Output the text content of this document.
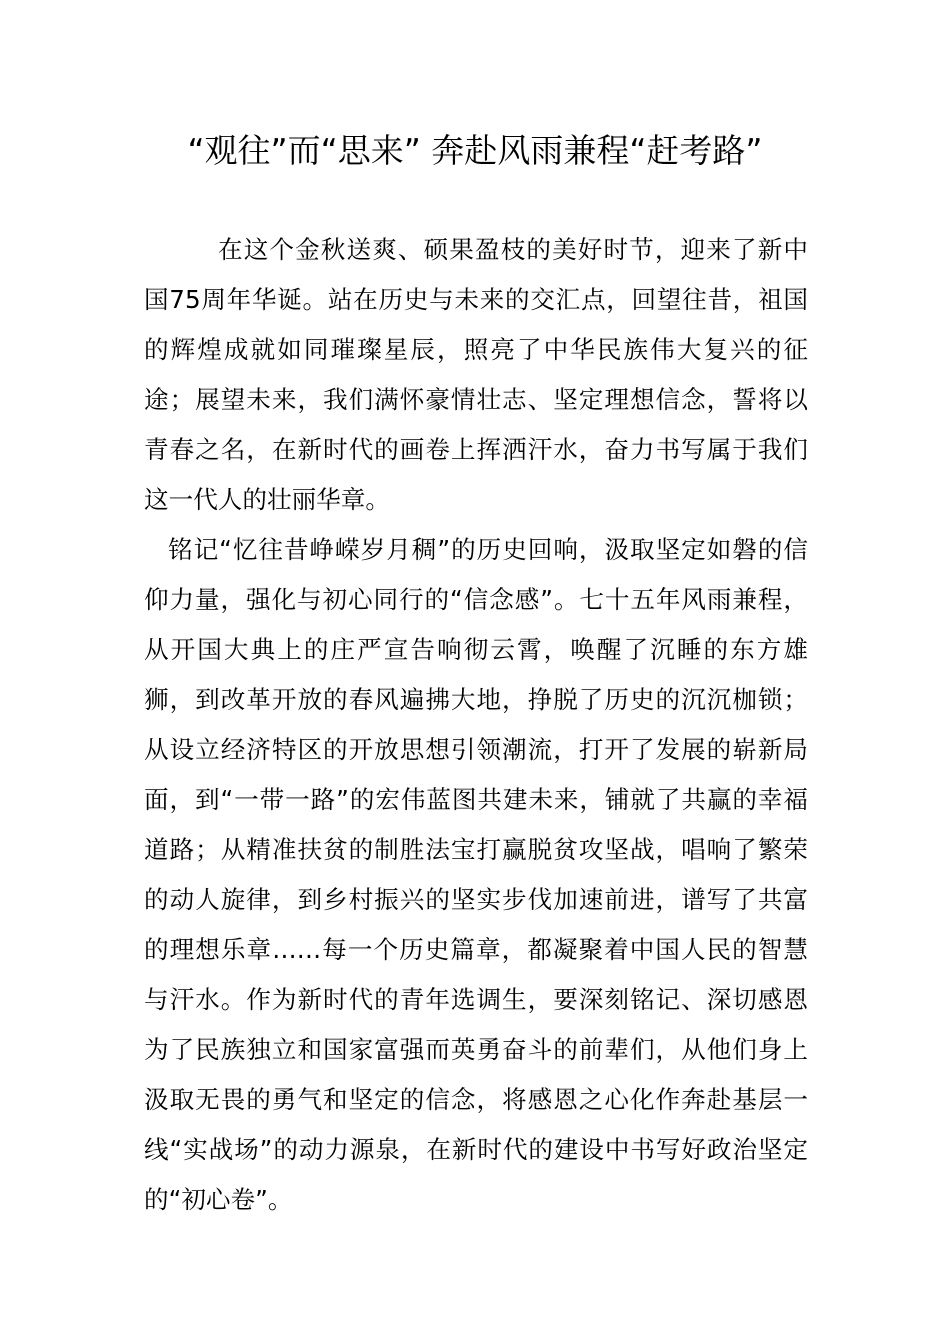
“观往”而“思来” 奔赴风雨兼程“赶考路”

在这个金秋送爽、硕果盈枝的美好时节，迎来了新中国75周年华诞。站在历史与未来的交汇点，回望往昔，祖国的辉煌成就如同璀璨星辰，照亮了中华民族伟大复兴的征途；展望未来，我们满怀豪情壮志、坚定理想信念，誓将以青春之名，在新时代的画卷上挥洒汗水，奋力书写属于我们这一代人的壮丽华章。

铭记“忆往昔峥嵘岁月稠”的历史回响，汲取坚定如磐的信仰力量，强化与初心同行的“信念感”。七十五年风雨兼程，从开国大典上的庄严宣告响彻云霄，唤醒了沉睡的东方雄狮，到改革开放的春风遍拂大地，挣脱了历史的沉沉枷锁；从设立经济特区的开放思想引领潮流，打开了发展的崭新局面，到“一带一路”的宏伟蓝图共建未来，铺就了共赢的幸福道路；从精准扶贫的制胜法宝打赢脱贫攻坚战，唱响了繁荣的动人旋律，到乡村振兴的坚实步伐加速前进，谱写了共富的理想乐章……每一个历史篇章，都凝聚着中国人民的智慧与汗水。作为新时代的青年选调生，要深刻铭记、深切感恩为了民族独立和国家富强而英勇奋斗的前辈们，从他们身上汲取无畏的勇气和坚定的信念，将感恩之心化作奔赴基层一线“实战场”的动力源泉，在新时代的建设中书写好政治坚定的“初心卷”。
